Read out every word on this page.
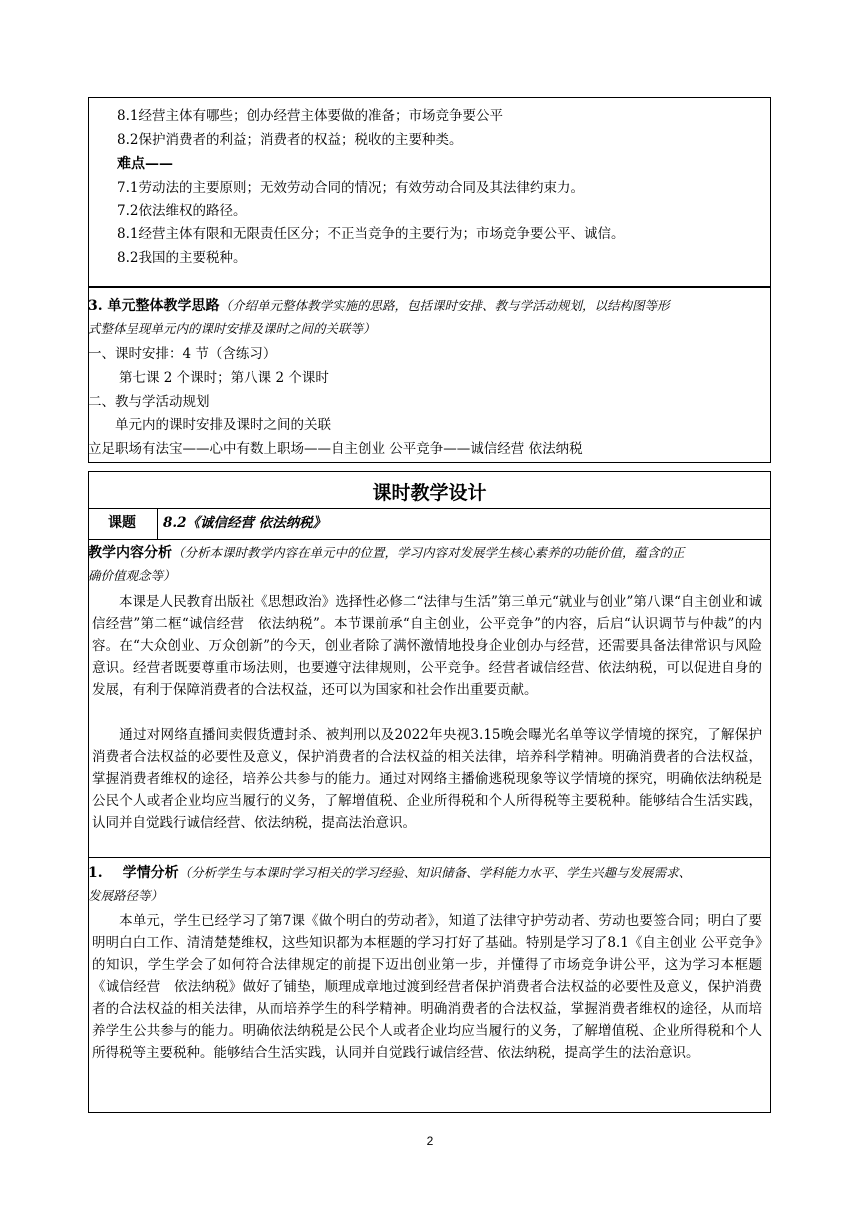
8.1经营主体有哪些；创办经营主体要做的准备；市场竞争要公平
8.2保护消费者的利益；消费者的权益；税收的主要种类。
难点——
7.1劳动法的主要原则；无效劳动合同的情况；有效劳动合同及其法律约束力。
7.2依法维权的路径。
8.1经营主体有限和无限责任区分；不正当竞争的主要行为；市场竞争要公平、诚信。
8.2我国的主要税种。
3. 单元整体教学思路（介绍单元整体教学实施的思路，包括课时安排、教与学活动规划，以结构图等形
式整体呈现单元内的课时安排及课时之间的关联等）
一、课时安排：4 节（含练习）
第七课 2 个课时；第八课 2 个课时
二、教与学活动规划
单元内的课时安排及课时之间的关联
立足职场有法宝——心中有数上职场——自主创业 公平竞争——诚信经营 依法纳税
课时教学设计
课题 8.2《诚信经营 依法纳税》
教学内容分析（分析本课时教学内容在单元中的位置，学习内容对发展学生核心素养的功能价值，蕴含的正
确价值观念等）
本课是人民教育出版社《思想政治》选择性必修二“法律与生活”第三单元“就业与创业”第八课“自主创业和诚信经营”第二框“诚信经营　依法纳税”。本节课前承“自主创业，公平竞争”的内容，后启“认识调节与仲裁”的内容。在“大众创业、万众创新”的今天，创业者除了满怀激情地投身企业创办与经营，还需要具备法律常识与风险意识。经营者既要尊重市场法则，也要遵守法律规则，公平竞争。经营者诚信经营、依法纳税，可以促进自身的发展，有利于保障消费者的合法权益，还可以为国家和社会作出重要贡献。
通过对网络直播间卖假货遭封杀、被判刑以及2022年央视3.15晚会曝光名单等议学情境的探究，了解保护消费者合法权益的必要性及意义，保护消费者的合法权益的相关法律，培养科学精神。明确消费者的合法权益，掌握消费者维权的途径，培养公共参与的能力。通过对网络主播偷逃税现象等议学情境的探究，明确依法纳税是公民个人或者企业均应当履行的义务，了解增值税、企业所得税和个人所得税等主要税种。能够结合生活实践，认同并自觉践行诚信经营、依法纳税，提高法治意识。
1. 学情分析（分析学生与本课时学习相关的学习经验、知识储备、学科能力水平、学生兴趣与发展需求、
发展路径等）
本单元，学生已经学习了第7课《做个明白的劳动者》，知道了法律守护劳动者、劳动也要签合同；明白了要明明白白工作、清清楚楚维权，这些知识都为本框题的学习打好了基础。特别是学习了8.1《自主创业 公平竞争》的知识，学生学会了如何符合法律规定的前提下迈出创业第一步，并懂得了市场竞争讲公平，这为学习本框题《诚信经营　依法纳税》做好了铺垫，顺理成章地过渡到经营者保护消费者合法权益的必要性及意义，保护消费者的合法权益的相关法律，从而培养学生的科学精神。明确消费者的合法权益，掌握消费者维权的途径，从而培养学生公共参与的能力。明确依法纳税是公民个人或者企业均应当履行的义务，了解增值税、企业所得税和个人所得税等主要税种。能够结合生活实践，认同并自觉践行诚信经营、依法纳税，提高学生的法治意识。
2
